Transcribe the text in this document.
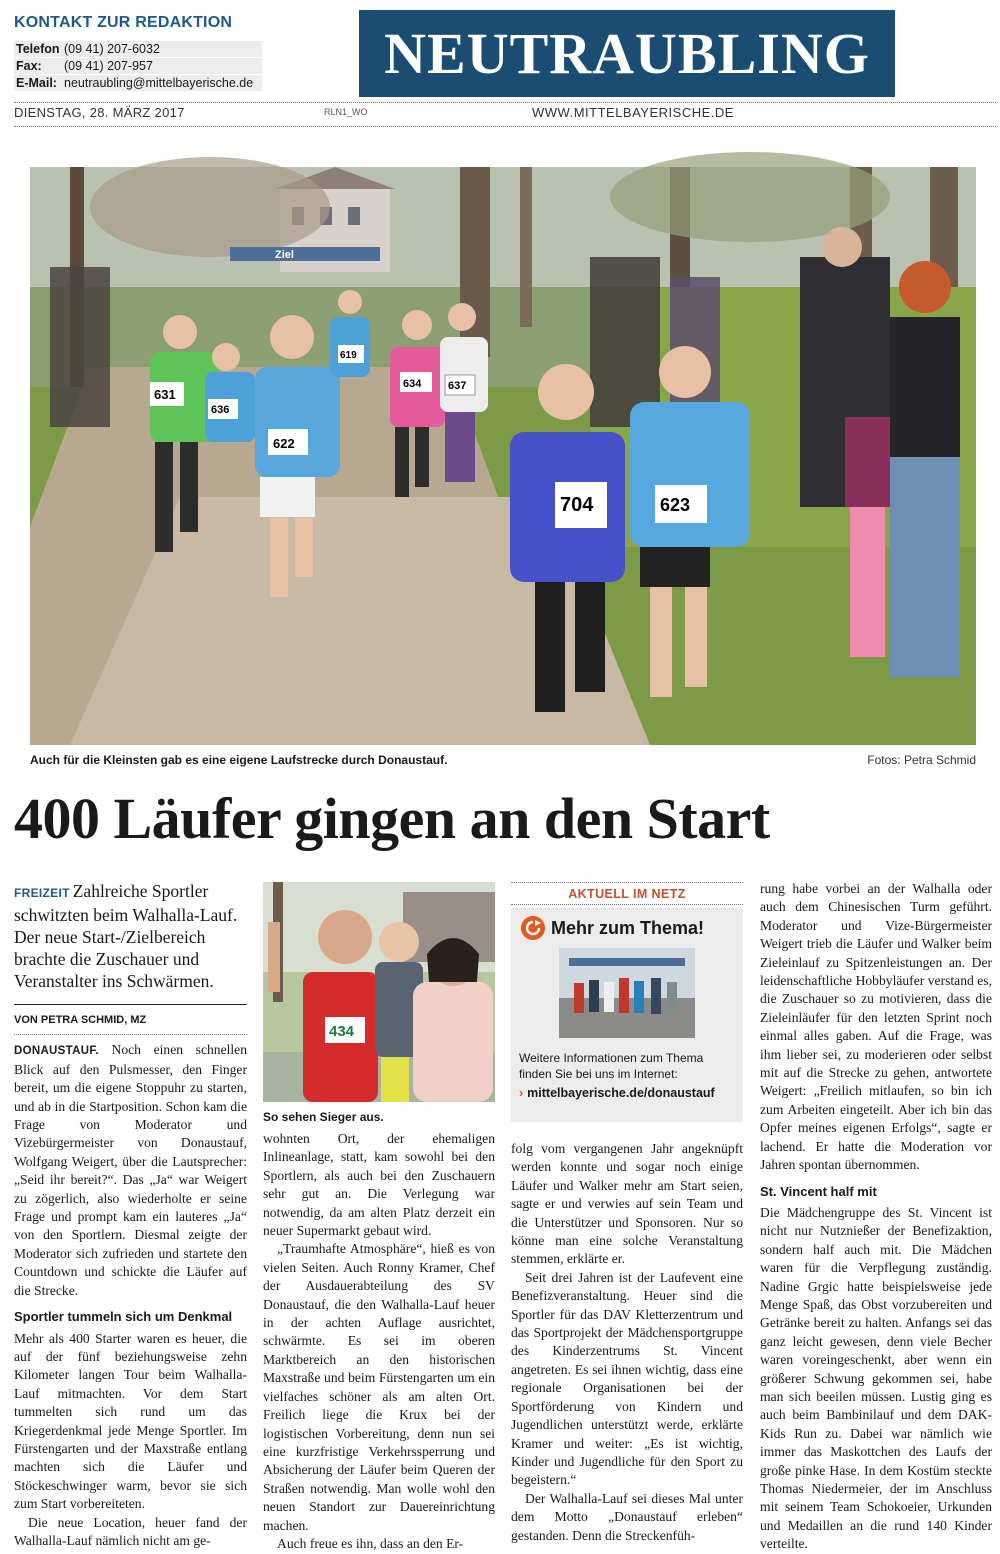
KONTAKT ZUR REDAKTION
Telefon (09 41) 207-6032
Fax:	(09 41) 207-957
E-Mail: neutraubling@mittelbayerische.de NEUTRAUBLING
DIENSTAG, 28. MÄRZ 2017	RLN1_WO	WWW.MITTELBAYERISCHE.DE
Ziel
631
636
622
619
634 637
704	623
Auch für die Kleinsten gab es eine eigene Laufstrecke durch Donaustauf.	Fotos: Petra Schmid
400 Läufer gingen an den Start

FREIZEIT Zahlreiche Sportler schwitzten beim Walhalla-Lauf. Der neue Start-/Zielbereich brachte die Zuschauer und Veranstalter ins Schwärmen.

VON PETRA SCHMID, MZ

DONAUSTAUF. Noch einen schnellen Blick auf den Pulsmesser, den Finger bereit, um die eigene Stoppuhr zu starten, und ab in die Startposition. Schon kam die Frage von Moderator und Vizebürgermeister von Donaustauf, Wolfgang Weigert, über die Lautsprecher: „Seid ihr bereit?“. Das „Ja“ war Weigert zu zögerlich, also wiederholte er seine Frage und prompt kam ein lauteres „Ja“ von den Sportlern. Diesmal zeigte der Moderator sich zufrieden und startete den Countdown und schickte die Läufer auf die Strecke.

Sportler tummeln sich um Denkmal

Mehr als 400 Starter waren es heuer, die auf der fünf beziehungsweise zehn Kilometer langen Tour beim Walhalla-Lauf mitmachten. Vor dem Start tummelten sich rund um das Kriegerdenkmal jede Menge Sportler. Im Fürstengarten und der Maxstraße entlang machten sich die Läufer und Stöckeschwinger warm, bevor sie sich zum Start vorbereiteten.

Die neue Location, heuer fand der Walhalla-Lauf nämlich nicht am ge-

434
So sehen Sieger aus.

wohnten Ort, der ehemaligen Inlineanlage, statt, kam sowohl bei den Sportlern, als auch bei den Zuschauern sehr gut an. Die Verlegung war notwendig, da am alten Platz derzeit ein neuer Supermarkt gebaut wird.

„Traumhafte Atmosphäre“, hieß es von vielen Seiten. Auch Ronny Kramer, Chef der Ausdauerabteilung des SV Donaustauf, die den Walhalla-Lauf heuer in der achten Auflage ausrichtet, schwärmte. Es sei im oberen Marktbereich an den historischen Maxstraße und beim Fürstengarten um ein vielfaches schöner als am alten Ort. Freilich liege die Krux bei der logistischen Vorbereitung, denn nun sei eine kurzfristige Verkehrssperrung und Absicherung der Läufer beim Queren der Straßen notwendig. Man wolle wohl den neuen Standort zur Dauereinrichtung machen.

Auch freue es ihn, dass an den Er-

AKTUELL IM NETZ
Mehr zum Thema!
Weitere Informationen zum Thema finden Sie bei uns im Internet:
› mittelbayerische.de/donaustauf

folg vom vergangenen Jahr angeknüpft werden konnte und sogar noch einige Läufer und Walker mehr am Start seien, sagte er und verwies auf sein Team und die Unterstützer und Sponsoren. Nur so könne man eine solche Veranstaltung stemmen, erklärte er.

Seit drei Jahren ist der Laufevent eine Benefizveranstaltung. Heuer sind die Sportler für das DAV Kletterzentrum und das Sportprojekt der Mädchensportgruppe des Kinderzentrums St. Vincent angetreten. Es sei ihnen wichtig, dass eine regionale Organisationen bei der Sportförderung von Kindern und Jugendlichen unterstützt werde, erklärte Kramer und weiter: „Es ist wichtig, Kinder und Jugendliche für den Sport zu begeistern.“

Der Walhalla-Lauf sei dieses Mal unter dem Motto „Donaustauf erleben“ gestanden. Denn die Streckenfüh-

rung habe vorbei an der Walhalla oder auch dem Chinesischen Turm geführt. Moderator und Vize-Bürgermeister Weigert trieb die Läufer und Walker beim Zieleinlauf zu Spitzenleistungen an. Der leidenschaftliche Hobbyläufer verstand es, die Zuschauer so zu motivieren, dass die Zieleinläufer für den letzten Sprint noch einmal alles gaben. Auf die Frage, was ihm lieber sei, zu moderieren oder selbst mit auf die Strecke zu gehen, antwortete Weigert: „Freilich mitlaufen, so bin ich zum Arbeiten eingeteilt. Aber ich bin das Opfer meines eigenen Erfolgs“, sagte er lachend. Er hatte die Moderation vor Jahren spontan übernommen.

St. Vincent half mit

Die Mädchengruppe des St. Vincent ist nicht nur Nutznießer der Benefizaktion, sondern half auch mit. Die Mädchen waren für die Verpflegung zuständig. Nadine Grgic hatte beispielsweise jede Menge Spaß, das Obst vorzubereiten und Getränke bereit zu halten. Anfangs sei das ganz leicht gewesen, denn viele Becher waren voreingeschenkt, aber wenn ein größerer Schwung gekommen sei, habe man sich beeilen müssen. Lustig ging es auch beim Bambinilauf und dem DAK-Kids Run zu. Dabei war nämlich wie immer das Maskottchen des Laufs der große pinke Hase. In dem Kostüm steckte Thomas Niedermeier, der im Anschluss mit seinem Team Schokoeier, Urkunden und Medaillen an die rund 140 Kinder verteilte.
